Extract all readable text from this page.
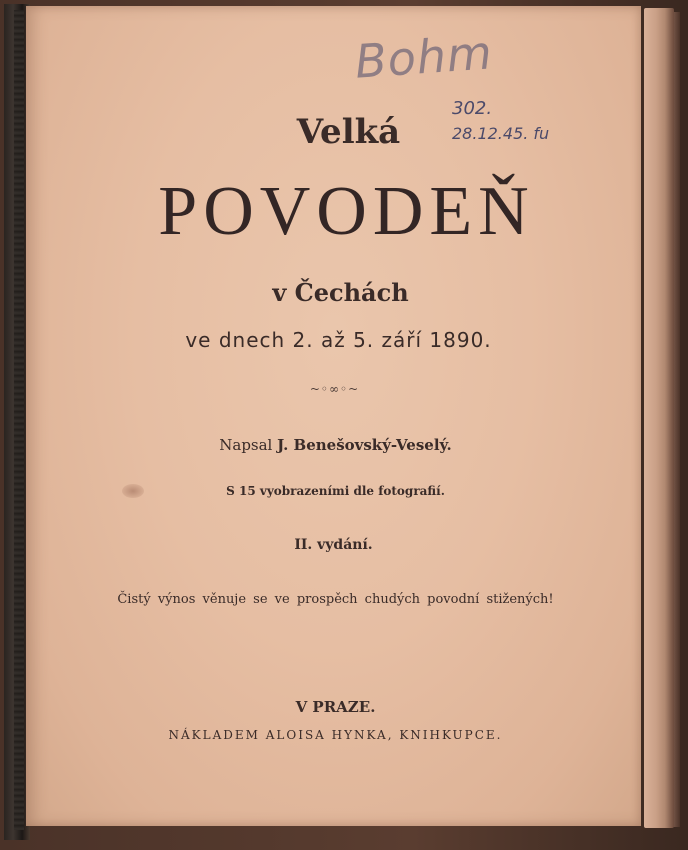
Bohm
302.
28.12.45. fu
Velká
POVODEŇ
v Čechách
ve dnech 2. až 5. září 1890.
~◦∞◦~
Napsal J. Benešovský-Veselý.
S 15 vyobrazeními dle fotografií.
II. vydání.
Čistý výnos věnuje se ve prospěch chudých povodní stižených!
V PRAZE.
NÁKLADEM ALOISA HYNKA, KNIHKUPCE.
